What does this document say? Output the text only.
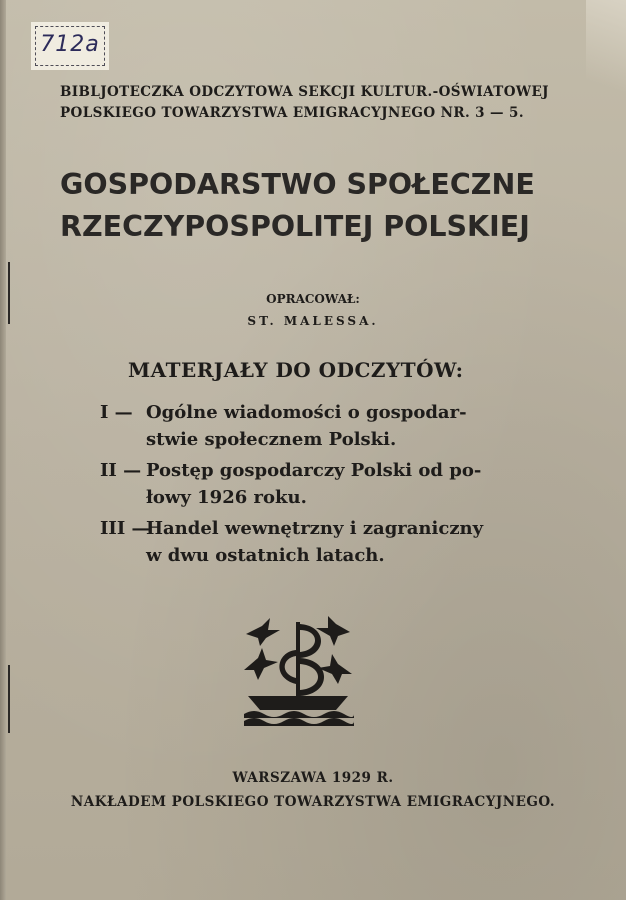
712a
BIBLJOTECZKA ODCZYTOWA SEKCJI KULTUR.-OŚWIATOWEJ
POLSKIEGO TOWARZYSTWA EMIGRACYJNEGO NR. 3 — 5.
GOSPODARSTWO SPOŁECZNE
RZECZYPOSPOLITEJ POLSKIEJ
OPRACOWAŁ:
ST. MALESSA.
MATERJAŁY DO ODCZYTÓW:
I — Ogólne wiadomości o gospodar-
stwie społecznem Polski.
II — Postęp gospodarczy Polski od po-
łowy 1926 roku.
III —
Handel wewnętrzny i zagraniczny
w dwu ostatnich latach.
WARSZAWA 1929 R.
NAKŁADEM POLSKIEGO TOWARZYSTWA EMIGRACYJNEGO.
